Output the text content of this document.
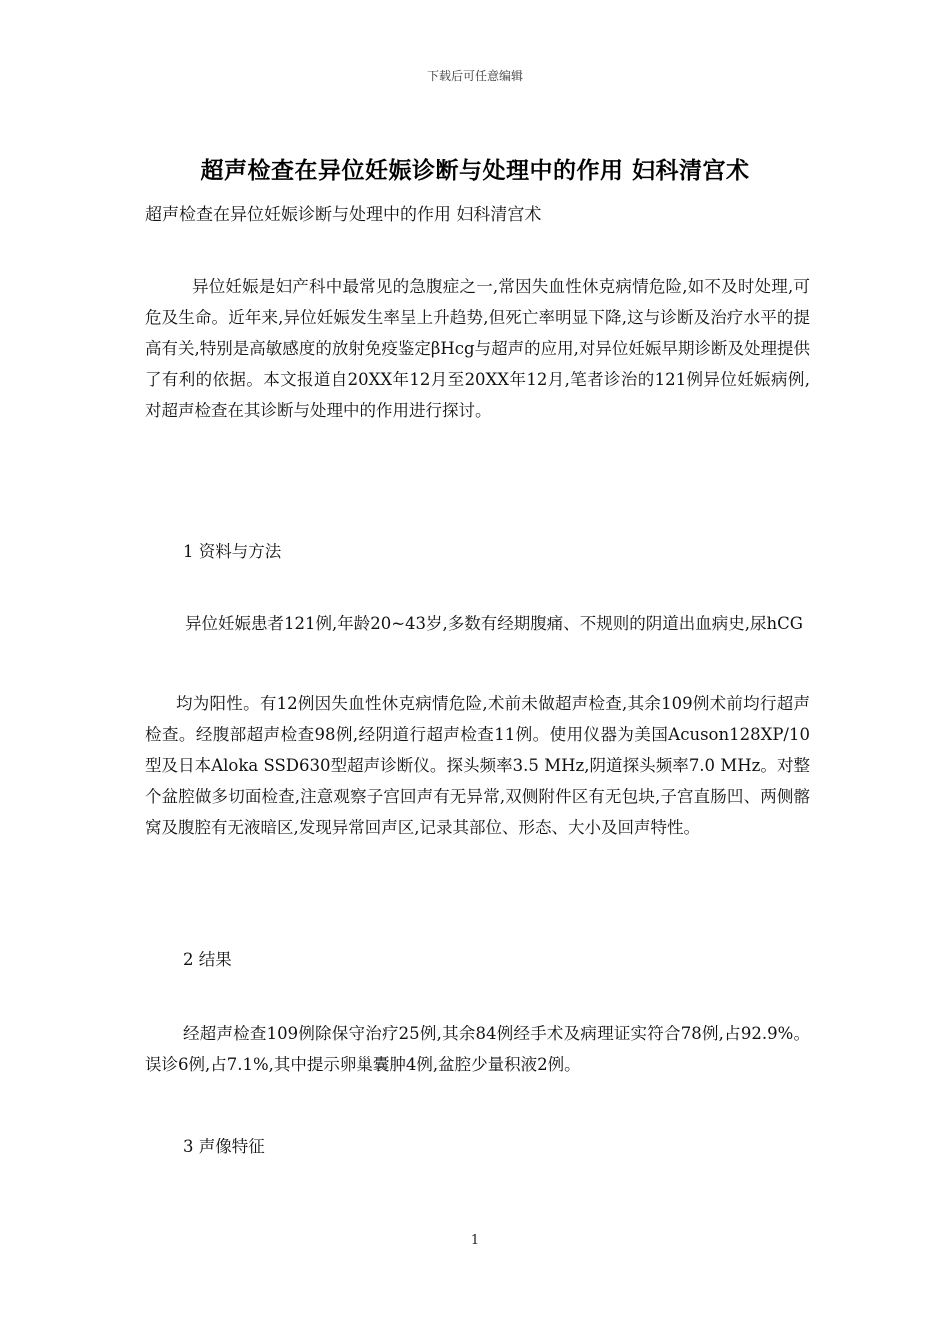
下载后可任意编辑
超声检查在异位妊娠诊断与处理中的作用 妇科清宫术
超声检查在异位妊娠诊断与处理中的作用 妇科清宫术
异位妊娠是妇产科中最常见的急腹症之一,常因失血性休克病情危险,如不及时处理,可危及生命。近年来,异位妊娠发生率呈上升趋势,但死亡率明显下降,这与诊断及治疗水平的提高有关,特别是高敏感度的放射免疫鉴定βHcg与超声的应用,对异位妊娠早期诊断及处理提供了有利的依据。本文报道自20XX年12月至20XX年12月,笔者诊治的121例异位妊娠病例,对超声检查在其诊断与处理中的作用进行探讨。
1 资料与方法
异位妊娠患者121例,年龄20~43岁,多数有经期腹痛、不规则的阴道出血病史,尿hCG
均为阳性。有12例因失血性休克病情危险,术前未做超声检查,其余109例术前均行超声检查。经腹部超声检查98例,经阴道行超声检查11例。使用仪器为美国Acuson128XP/10型及日本Aloka SSD630型超声诊断仪。探头频率3.5 MHz,阴道探头频率7.0 MHz。对整个盆腔做多切面检查,注意观察子宫回声有无异常,双侧附件区有无包块,子宫直肠凹、两侧髂窝及腹腔有无液暗区,发现异常回声区,记录其部位、形态、大小及回声特性。
2 结果
经超声检查109例除保守治疗25例,其余84例经手术及病理证实符合78例,占92.9%。误诊6例,占7.1%,其中提示卵巢囊肿4例,盆腔少量积液2例。
3 声像特征
1
